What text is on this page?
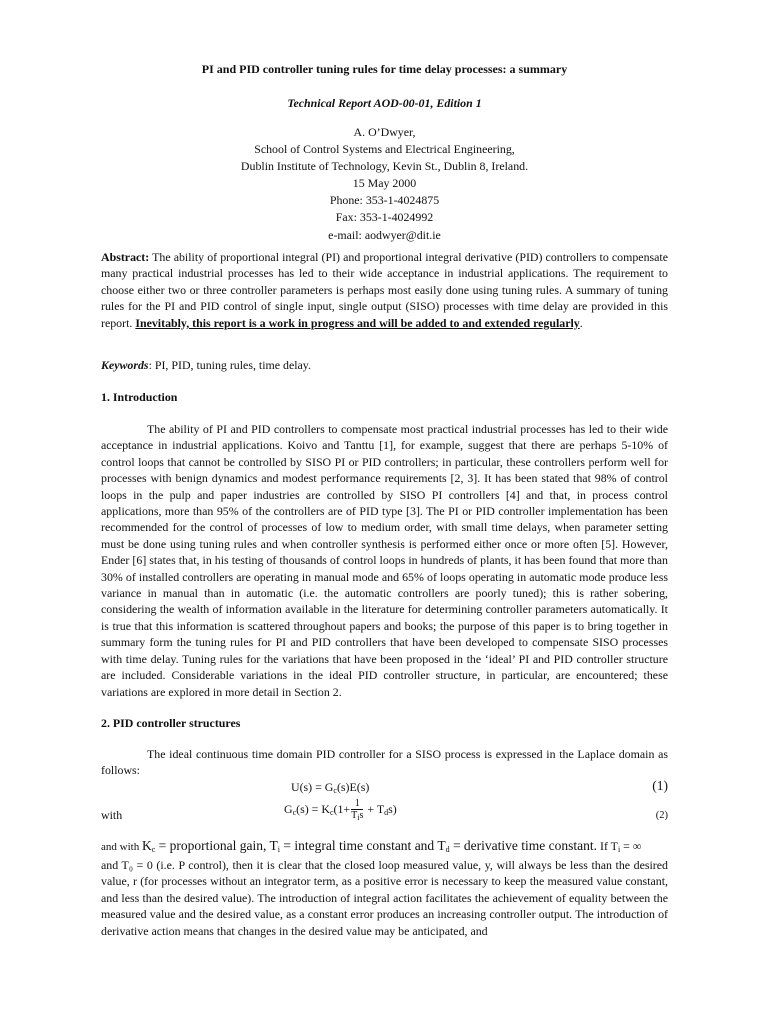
PI and PID controller tuning rules for time delay processes: a summary
Technical Report AOD-00-01, Edition 1
A. O’Dwyer,
School of Control Systems and Electrical Engineering,
Dublin Institute of Technology, Kevin St., Dublin 8, Ireland.
15 May 2000
Phone: 353-1-4024875
Fax: 353-1-4024992
e-mail: aodwyer@dit.ie
Abstract: The ability of proportional integral (PI) and proportional integral derivative (PID) controllers to compensate many practical industrial processes has led to their wide acceptance in industrial applications. The requirement to choose either two or three controller parameters is perhaps most easily done using tuning rules. A summary of tuning rules for the PI and PID control of single input, single output (SISO) processes with time delay are provided in this report. Inevitably, this report is a work in progress and will be added to and extended regularly.
Keywords: PI, PID, tuning rules, time delay.
1. Introduction
The ability of PI and PID controllers to compensate most practical industrial processes has led to their wide acceptance in industrial applications. Koivo and Tanttu [1], for example, suggest that there are perhaps 5-10% of control loops that cannot be controlled by SISO PI or PID controllers; in particular, these controllers perform well for processes with benign dynamics and modest performance requirements [2, 3]. It has been stated that 98% of control loops in the pulp and paper industries are controlled by SISO PI controllers [4] and that, in process control applications, more than 95% of the controllers are of PID type [3]. The PI or PID controller implementation has been recommended for the control of processes of low to medium order, with small time delays, when parameter setting must be done using tuning rules and when controller synthesis is performed either once or more often [5]. However, Ender [6] states that, in his testing of thousands of control loops in hundreds of plants, it has been found that more than 30% of installed controllers are operating in manual mode and 65% of loops operating in automatic mode produce less variance in manual than in automatic (i.e. the automatic controllers are poorly tuned); this is rather sobering, considering the wealth of information available in the literature for determining controller parameters automatically. It is true that this information is scattered throughout papers and books; the purpose of this paper is to bring together in summary form the tuning rules for PI and PID controllers that have been developed to compensate SISO processes with time delay. Tuning rules for the variations that have been proposed in the ‘ideal’ PI and PID controller structure are included. Considerable variations in the ideal PID controller structure, in particular, are encountered; these variations are explored in more detail in Section 2.
2. PID controller structures
The ideal continuous time domain PID controller for a SISO process is expressed in the Laplace domain as follows:
$U(s) = G_c(s)E(s)$	(1)
with	$G_c(s) = K_c(1+ \frac{1}{T_is} + T_ds)$	(2)
and with $K_c$ = proportional gain, $T_i$ = integral time constant and $T_d$ = derivative time constant. If $T_i$ = ∞
and T₀ = 0 (i.e. P control), then it is clear that the closed loop measured value, y, will always be less than the desired value, r (for processes without an integrator term, as a positive error is necessary to keep the measured value constant, and less than the desired value). The introduction of integral action facilitates the achievement of equality between the measured value and the desired value, as a constant error produces an increasing controller output. The introduction of derivative action means that changes in the desired value may be anticipated, and
